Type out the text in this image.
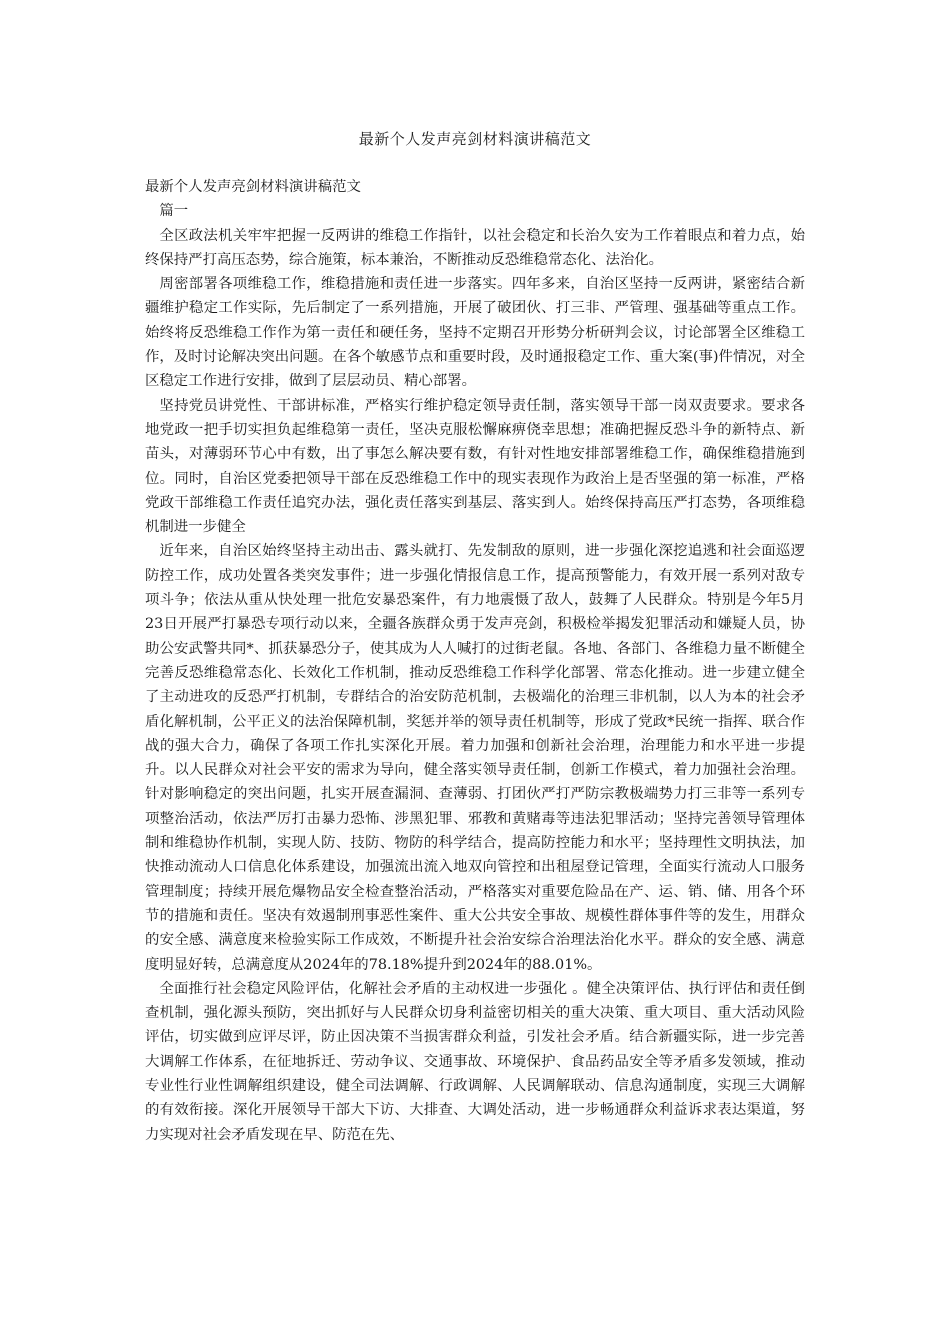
最新个人发声亮剑材料演讲稿范文

最新个人发声亮剑材料演讲稿范文

篇一

全区政法机关牢牢把握一反两讲的维稳工作指针，以社会稳定和长治久安为工作着眼点和着力点，始终保持严打高压态势，综合施策，标本兼治，不断推动反恐维稳常态化、法治化。

周密部署各项维稳工作，维稳措施和责任进一步落实。四年多来，自治区坚持一反两讲，紧密结合新疆维护稳定工作实际，先后制定了一系列措施，开展了破团伙、打三非、严管理、强基础等重点工作。始终将反恐维稳工作作为第一责任和硬任务，坚持不定期召开形势分析研判会议，讨论部署全区维稳工作，及时讨论解决突出问题。在各个敏感节点和重要时段，及时通报稳定工作、重大案(事)件情况，对全区稳定工作进行安排，做到了层层动员、精心部署。

坚持党员讲党性、干部讲标准，严格实行维护稳定领导责任制，落实领导干部一岗双责要求。要求各地党政一把手切实担负起维稳第一责任，坚决克服松懈麻痹侥幸思想；准确把握反恐斗争的新特点、新苗头，对薄弱环节心中有数，出了事怎么解决要有数，有针对性地安排部署维稳工作，确保维稳措施到位。同时，自治区党委把领导干部在反恐维稳工作中的现实表现作为政治上是否坚强的第一标准，严格党政干部维稳工作责任追究办法，强化责任落实到基层、落实到人。始终保持高压严打态势，各项维稳机制进一步健全

近年来，自治区始终坚持主动出击、露头就打、先发制敌的原则，进一步强化深挖追逃和社会面巡逻防控工作，成功处置各类突发事件；进一步强化情报信息工作，提高预警能力，有效开展一系列对敌专项斗争；依法从重从快处理一批危安暴恐案件，有力地震慑了敌人，鼓舞了人民群众。特别是今年5月23日开展严打暴恐专项行动以来，全疆各族群众勇于发声亮剑，积极检举揭发犯罪活动和嫌疑人员，协助公安武警共同*、抓获暴恐分子，使其成为人人喊打的过街老鼠。各地、各部门、各维稳力量不断健全完善反恐维稳常态化、长效化工作机制，推动反恐维稳工作科学化部署、常态化推动。进一步建立健全了主动进攻的反恐严打机制，专群结合的治安防范机制，去极端化的治理三非机制，以人为本的社会矛盾化解机制，公平正义的法治保障机制，奖惩并举的领导责任机制等，形成了党政*民统一指挥、联合作战的强大合力，确保了各项工作扎实深化开展。着力加强和创新社会治理，治理能力和水平进一步提升。以人民群众对社会平安的需求为导向，健全落实领导责任制，创新工作模式，着力加强社会治理。针对影响稳定的突出问题，扎实开展查漏洞、查薄弱、打团伙严打严防宗教极端势力打三非等一系列专项整治活动，依法严厉打击暴力恐怖、涉黑犯罪、邪教和黄赌毒等违法犯罪活动；坚持完善领导管理体制和维稳协作机制，实现人防、技防、物防的科学结合，提高防控能力和水平；坚持理性文明执法，加快推动流动人口信息化体系建设，加强流出流入地双向管控和出租屋登记管理，全面实行流动人口服务管理制度；持续开展危爆物品安全检查整治活动，严格落实对重要危险品在产、运、销、储、用各个环节的措施和责任。坚决有效遏制刑事恶性案件、重大公共安全事故、规模性群体事件等的发生，用群众的安全感、满意度来检验实际工作成效，不断提升社会治安综合治理法治化水平。群众的安全感、满意度明显好转，总满意度从2024年的78.18%提升到2024年的88.01%。

全面推行社会稳定风险评估，化解社会矛盾的主动权进一步强化 。健全决策评估、执行评估和责任倒查机制，强化源头预防，突出抓好与人民群众切身利益密切相关的重大决策、重大项目、重大活动风险评估，切实做到应评尽评，防止因决策不当损害群众利益，引发社会矛盾。结合新疆实际，进一步完善大调解工作体系，在征地拆迁、劳动争议、交通事故、环境保护、食品药品安全等矛盾多发领域，推动专业性行业性调解组织建设，健全司法调解、行政调解、人民调解联动、信息沟通制度，实现三大调解的有效衔接。深化开展领导干部大下访、大排查、大调处活动，进一步畅通群众利益诉求表达渠道，努力实现对社会矛盾发现在早、防范在先、
